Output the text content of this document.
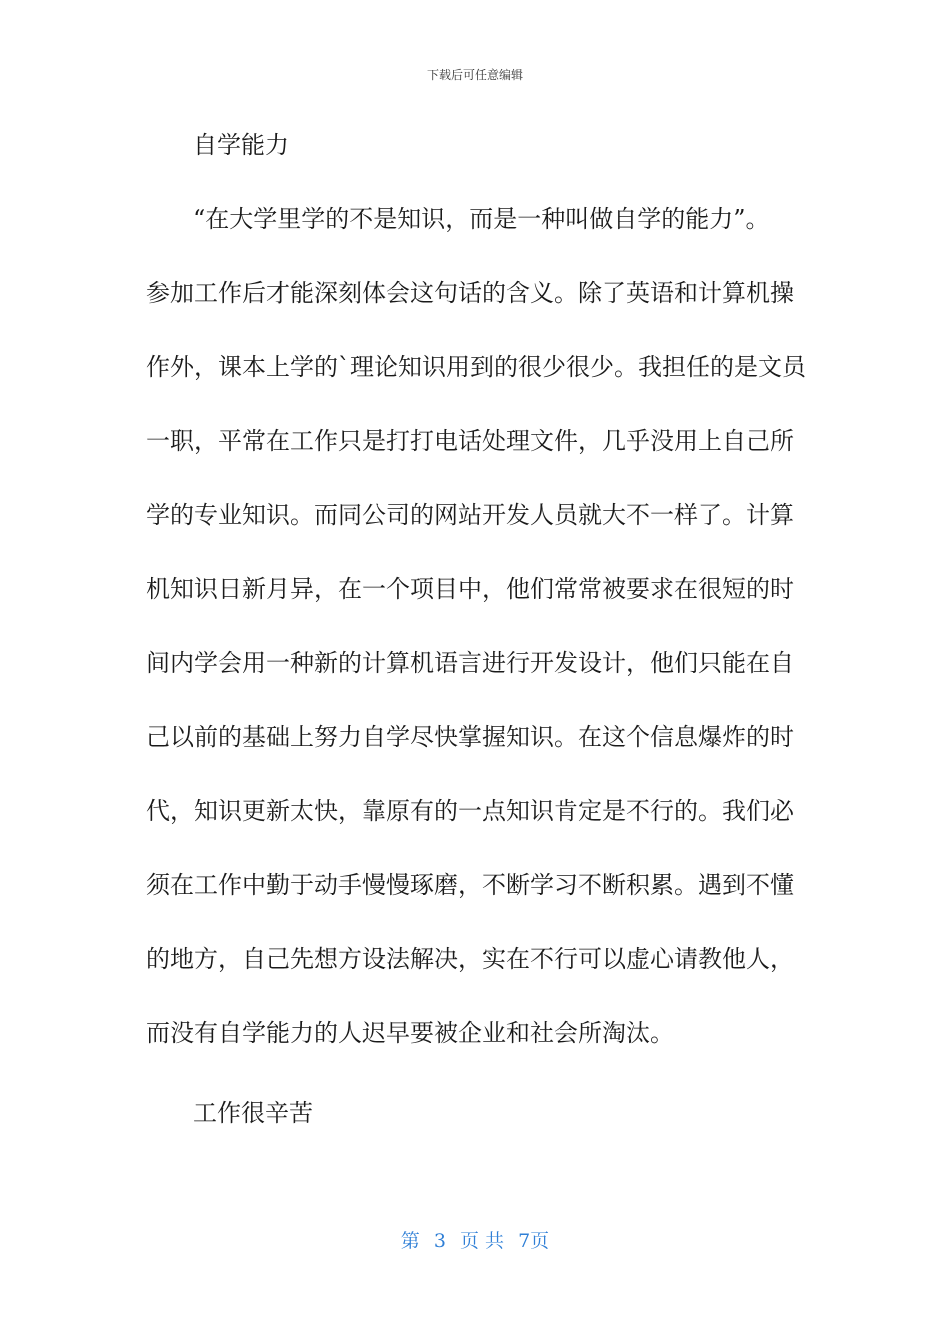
下载后可任意编辑
自学能力
“在大学里学的不是知识，而是一种叫做自学的能力”。
参加工作后才能深刻体会这句话的含义。除了英语和计算机操
作外，课本上学的`理论知识用到的很少很少。我担任的是文员
一职，平常在工作只是打打电话处理文件，几乎没用上自己所
学的专业知识。而同公司的网站开发人员就大不一样了。计算
机知识日新月异，在一个项目中，他们常常被要求在很短的时
间内学会用一种新的计算机语言进行开发设计，他们只能在自
己以前的基础上努力自学尽快掌握知识。在这个信息爆炸的时
代，知识更新太快，靠原有的一点知识肯定是不行的。我们必
须在工作中勤于动手慢慢琢磨，不断学习不断积累。遇到不懂
的地方，自己先想方设法解决，实在不行可以虚心请教他人，
而没有自学能力的人迟早要被企业和社会所淘汰。
工作很辛苦
第 3 页 共 7页
